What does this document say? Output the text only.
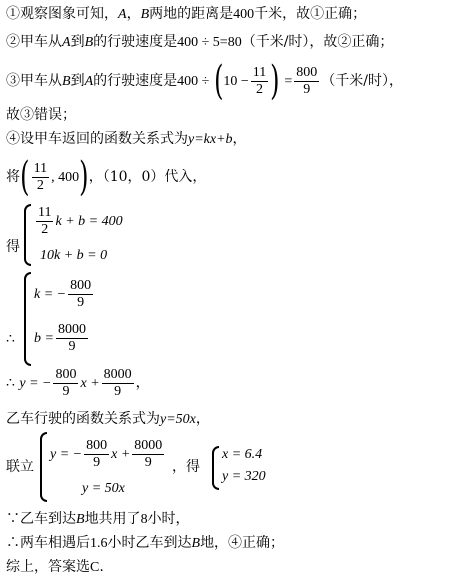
①观察图象可知，A，B两地的距离是400千米，故①正确；
②甲车从A到B的行驶速度是400 ÷ 5=80（千米/时），故②正确；
③甲车从B到A的行驶速度是$400 \div (10 - \frac{11}{2}$ ) = $\frac{800}{9}$ （千米/时），
故③错误；
④设甲车返回的函数关系式为y=kx+b，
将( $\frac{11}{2}$ , 400)，（10，0）代入，
得
$\frac{11}{2}$ k + b = 400
10k + b = 0
∴
k = − $\frac{800}{9}$
$b = \frac{8000}{9}$
∴ y = − $\frac{800}{9}$ $x + \frac{8000}{9}$ ，
乙车行驶的函数关系式为y=50x，
联立
y = − $\frac{800}{9}$ $x + \frac{8000}{9}$
y = 50x
，得
x = 6.4
y = 320
∵乙车到达B地共用了8小时，
∴两车相遇后1.6小时乙车到达B地，④正确；
综上，答案选C.
